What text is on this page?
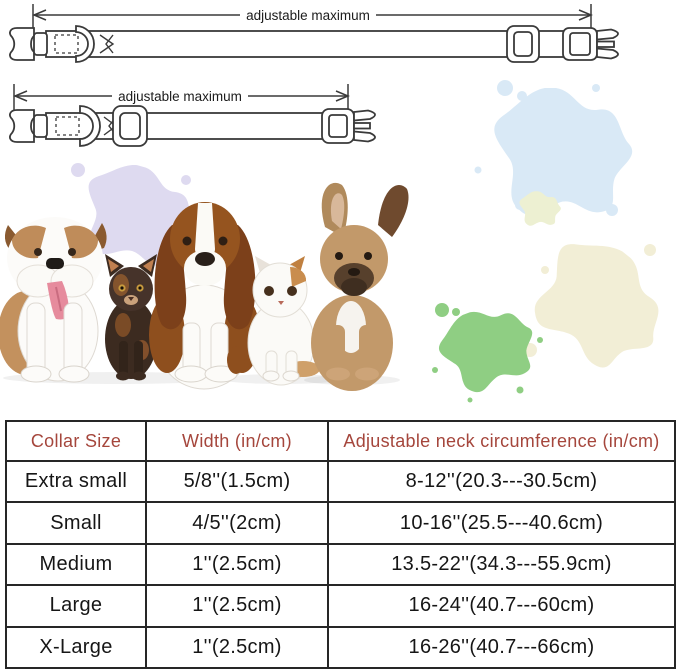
adjustable maximum
adjustable maximum
Collar Size	Width (in/cm)	Adjustable neck circumference (in/cm)
Extra small	5/8''(1.5cm)	8-12''(20.3---30.5cm)
Small	4/5''(2cm)	10-16''(25.5---40.6cm)
Medium	1''(2.5cm)	13.5-22''(34.3---55.9cm)
Large	1''(2.5cm)	16-24''(40.7---60cm)
X-Large	1''(2.5cm)	16-26''(40.7---66cm)
